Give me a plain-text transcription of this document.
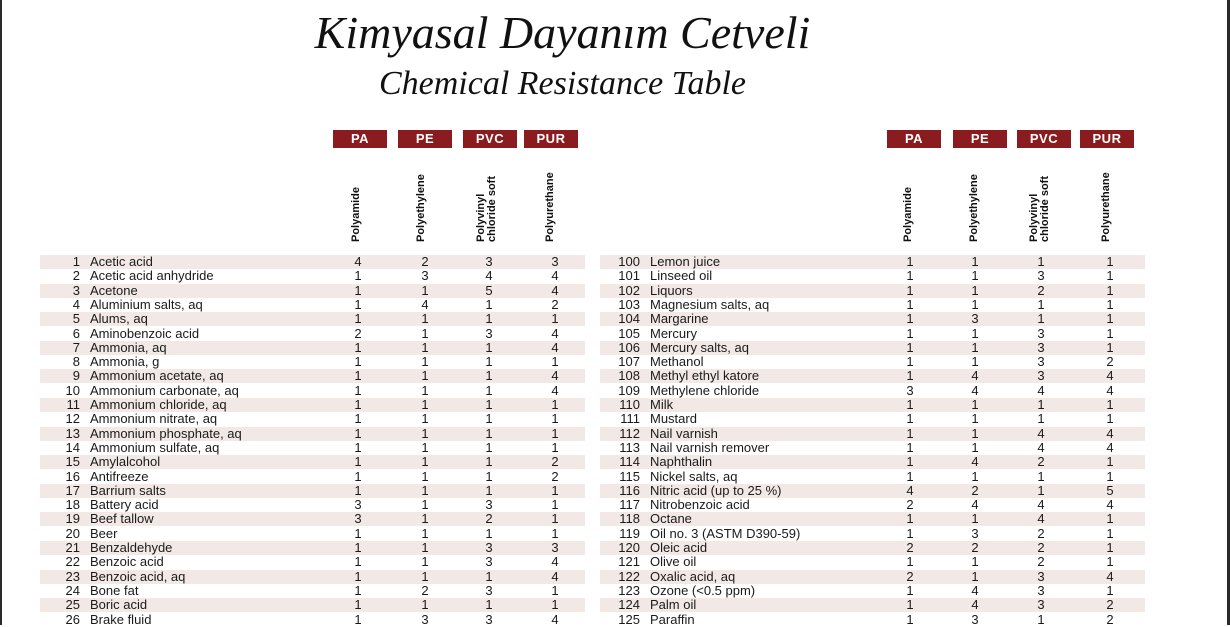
Kimyasal Dayanım Cetveli
Chemical Resistance Table
PA	PE	PVC	PUR
Polyamide	Polyethylene	Polyvinyl
chloride soft	Polyurethane
PA	PE	PVC	PUR
Polyamide	Polyethylene	Polyvinyl
chloride soft	Polyurethane
1 Acetic acid	4	2	3	3
2 Acetic acid anhydride	1	3	4	4
3 Acetone	1	1	5	4
4 Aluminium salts, aq	1	4	1	2
5 Alums, aq	1	1	1	1
6 Aminobenzoic acid	2	1	3	4
7 Ammonia, aq	1	1	1	4
8 Ammonia, g	1	1	1	1
9 Ammonium acetate, aq	1	1	1	4
10 Ammonium carbonate, aq	1	1	1	4
11 Ammonium chloride, aq	1	1	1	1
12 Ammonium nitrate, aq	1	1	1	1
13 Ammonium phosphate, aq	1	1	1	1
14 Ammonium sulfate, aq	1	1	1	1
15 Amylalcohol	1	1	1	2
16 Antifreeze	1	1	1	2
17 Barrium salts	1	1	1	1
18 Battery acid	3	1	3	1
19 Beef tallow	3	1	2	1
20 Beer	1	1	1	1
21 Benzaldehyde	1	1	3	3
22 Benzoic acid	1	1	3	4
23 Benzoic acid, aq	1	1	1	4
24 Bone fat	1	2	3	1
25 Boric acid	1	1	1	1
26 Brake fluid	1	3	3	4
100 Lemon juice	1	1	1	1
101 Linseed oil	1	1	3	1
102 Liquors	1	1	2	1
103 Magnesium salts, aq	1	1	1	1
104 Margarine	1	3	1	1
105 Mercury	1	1	3	1
106 Mercury salts, aq	1	1	3	1
107 Methanol	1	1	3	2
108 Methyl ethyl katore	1	4	3	4
109 Methylene chloride	3	4	4	4
110 Milk	1	1	1	1
111 Mustard	1	1	1	1
112 Nail varnish	1	1	4	4
113 Nail varnish remover	1	1	4	4
114 Naphthalin	1	4	2	1
115 Nickel salts, aq	1	1	1	1
116 Nitric acid (up to 25 %)	4	2	1	5
117 Nitrobenzoic acid	2	4	4	4
118 Octane	1	1	4	1
119 Oil no. 3 (ASTM D390-59)	1	3	2	1
120 Oleic acid	2	2	2	1
121 Olive oil	1	1	2	1
122 Oxalic acid, aq	2	1	3	4
123 Ozone (<0.5 ppm)	1	4	3	1
124 Palm oil	1	4	3	2
125 Paraffin	1	3	1	2
